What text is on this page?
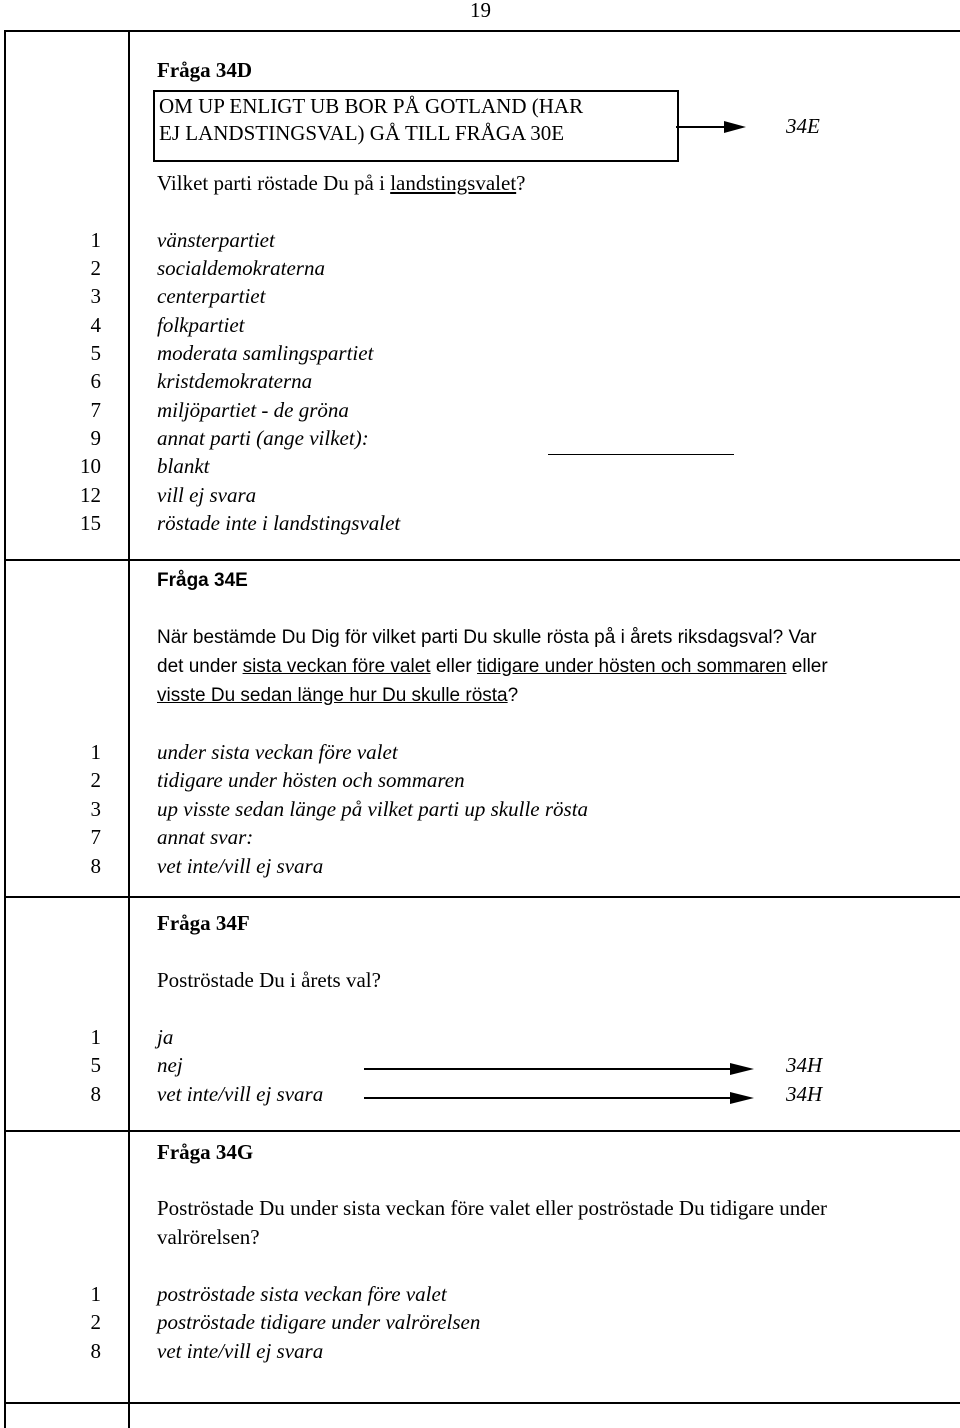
19
Fråga 34D
OM UP ENLIGT UB BOR PÅ GOTLAND (HAR
EJ LANDSTINGSVAL) GÅ TILL FRÅGA 30E	34E
Vilket parti röstade Du på i landstingsvalet?
1	vänsterpartiet
2	socialdemokraterna
3	centerpartiet
4	folkpartiet
5	moderata samlingspartiet
6	kristdemokraterna
7	miljöpartiet - de gröna
9	annat parti (ange vilket):
10	blankt
12	vill ej svara
15	röstade inte i landstingsvalet
Fråga 34E
När bestämde Du Dig för vilket parti Du skulle rösta på i årets riksdagsval? Var
det under sista veckan före valet eller tidigare under hösten och sommaren eller
visste Du sedan länge hur Du skulle rösta?
1	under sista veckan före valet
2	tidigare under hösten och sommaren
3	up visste sedan länge på vilket parti up skulle rösta
7	annat svar:
8	vet inte/vill ej svara
Fråga 34F
Poströstade Du i årets val?
1	ja
5	nej	34H
8	vet inte/vill ej svara	34H
Fråga 34G
Poströstade Du under sista veckan före valet eller poströstade Du tidigare under
valrörelsen?
1	poströstade sista veckan före valet
2	poströstade tidigare under valrörelsen
8	vet inte/vill ej svara
